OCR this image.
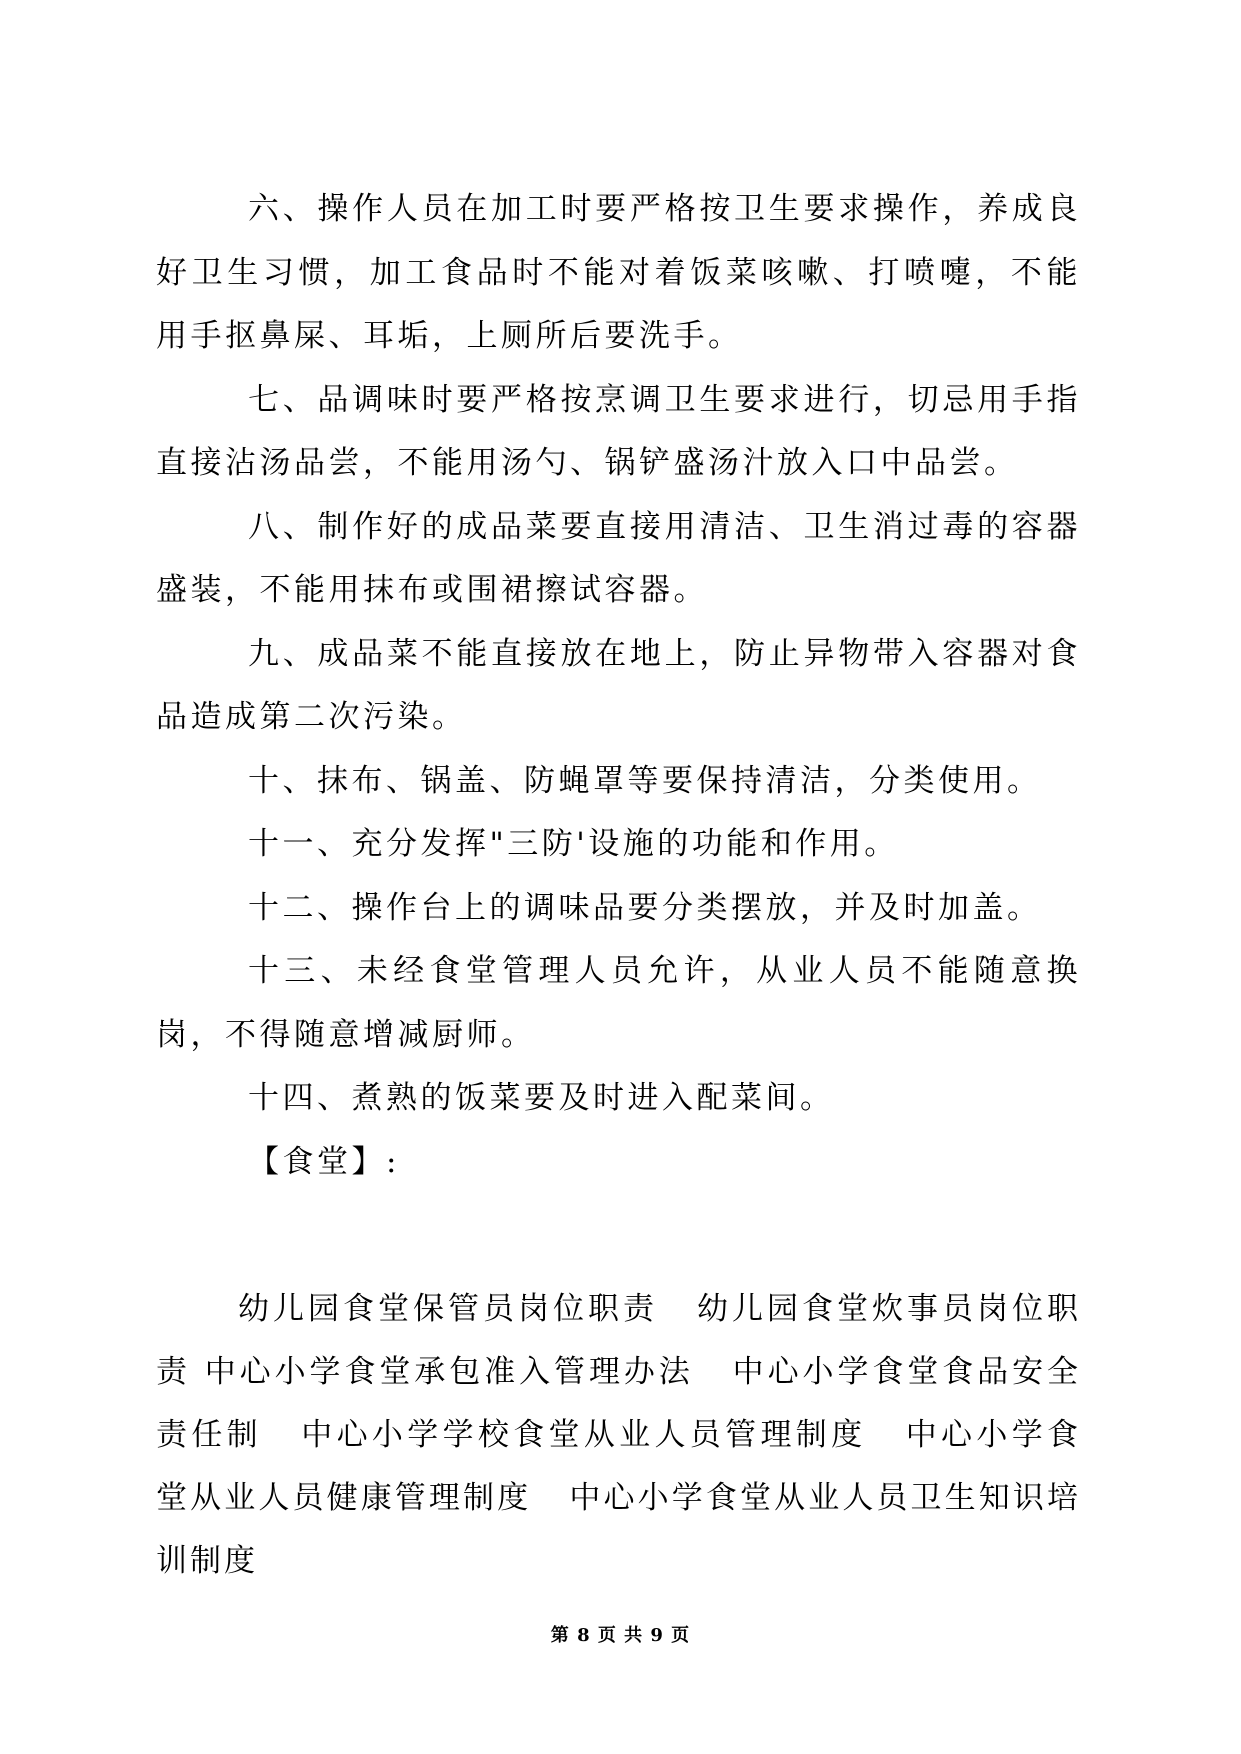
六、操作人员在加工时要严格按卫生要求操作，养成良好卫生习惯，加工食品时不能对着饭菜咳嗽、打喷嚏，不能用手抠鼻屎、耳垢，上厕所后要洗手。

七、品调味时要严格按烹调卫生要求进行，切忌用手指直接沾汤品尝，不能用汤勺、锅铲盛汤汁放入口中品尝。

八、制作好的成品菜要直接用清洁、卫生消过毒的容器盛装，不能用抹布或围裙擦试容器。

九、成品菜不能直接放在地上，防止异物带入容器对食品造成第二次污染。

十、抹布、锅盖、防蝇罩等要保持清洁，分类使用。

十一、充分发挥"三防'设施的功能和作用。

十二、操作台上的调味品要分类摆放，并及时加盖。

十三、未经食堂管理人员允许，从业人员不能随意换岗，不得随意增减厨师。

十四、煮熟的饭菜要及时进入配菜间。

【食堂】:

幼儿园食堂保管员岗位职责 幼儿园食堂炊事员岗位职责 中心小学食堂承包准入管理办法 中心小学食堂食品安全责任制 中心小学学校食堂从业人员管理制度 中心小学食堂从业人员健康管理制度 中心小学食堂从业人员卫生知识培训制度
第 8 页 共 9 页
